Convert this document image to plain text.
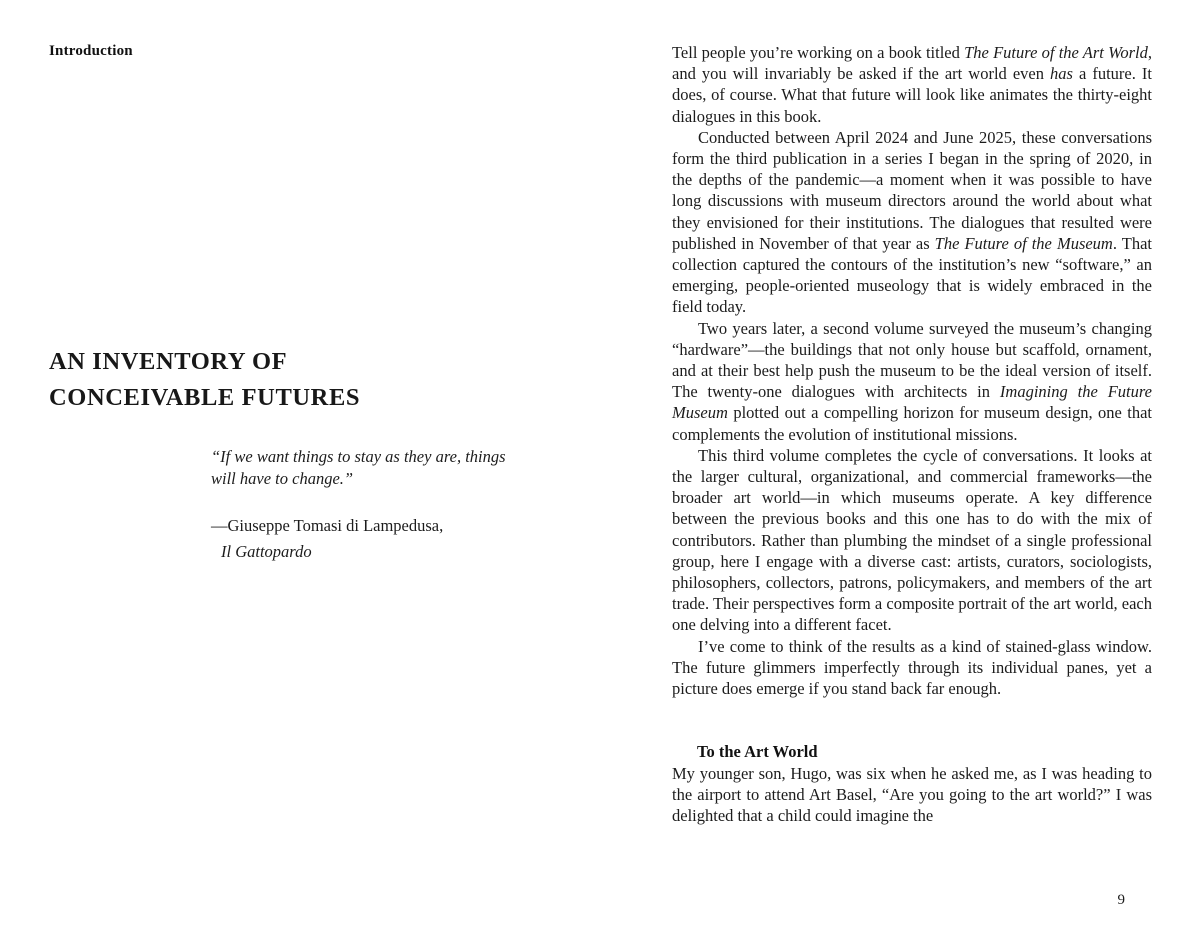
Introduction
AN INVENTORY OF
CONCEIVABLE FUTURES
“If we want things to stay as they are, things
will have to change.”
—Giuseppe Tomasi di Lampedusa,
Il Gattopardo

Tell people you’re working on a book titled The Future of the Art World, and you will invariably be asked if the art world even has a future. It does, of course. What that future will look like animates the thirty-eight dialogues in this book.

Conducted between April 2024 and June 2025, these conversations form the third publication in a series I began in the spring of 2020, in the depths of the pandemic—a moment when it was possible to have long discussions with museum directors around the world about what they envisioned for their institutions. The dialogues that resulted were published in November of that year as The Future of the Museum. That collection captured the contours of the institution’s new “software,” an emerging, people-oriented museology that is widely embraced in the field today.

Two years later, a second volume surveyed the museum’s changing “hardware”—the buildings that not only house but scaffold, ornament, and at their best help push the museum to be the ideal version of itself. The twenty-one dialogues with architects in Imagining the Future Museum plotted out a compelling horizon for museum design, one that complements the evolution of institutional missions.

This third volume completes the cycle of conversations. It looks at the larger cultural, organizational, and commercial frameworks—the broader art world—in which museums operate. A key difference between the previous books and this one has to do with the mix of contributors. Rather than plumbing the mindset of a single professional group, here I engage with a diverse cast: artists, curators, sociologists, philosophers, collectors, patrons, policymakers, and members of the art trade. Their perspectives form a composite portrait of the art world, each one delving into a different facet.

I’ve come to think of the results as a kind of stained-glass window. The future glimmers imperfectly through its individual panes, yet a picture does emerge if you stand back far enough.

To the Art World

My younger son, Hugo, was six when he asked me, as I was heading to the airport to attend Art Basel, “Are you going to the art world?” I was delighted that a child could imagine the

9
